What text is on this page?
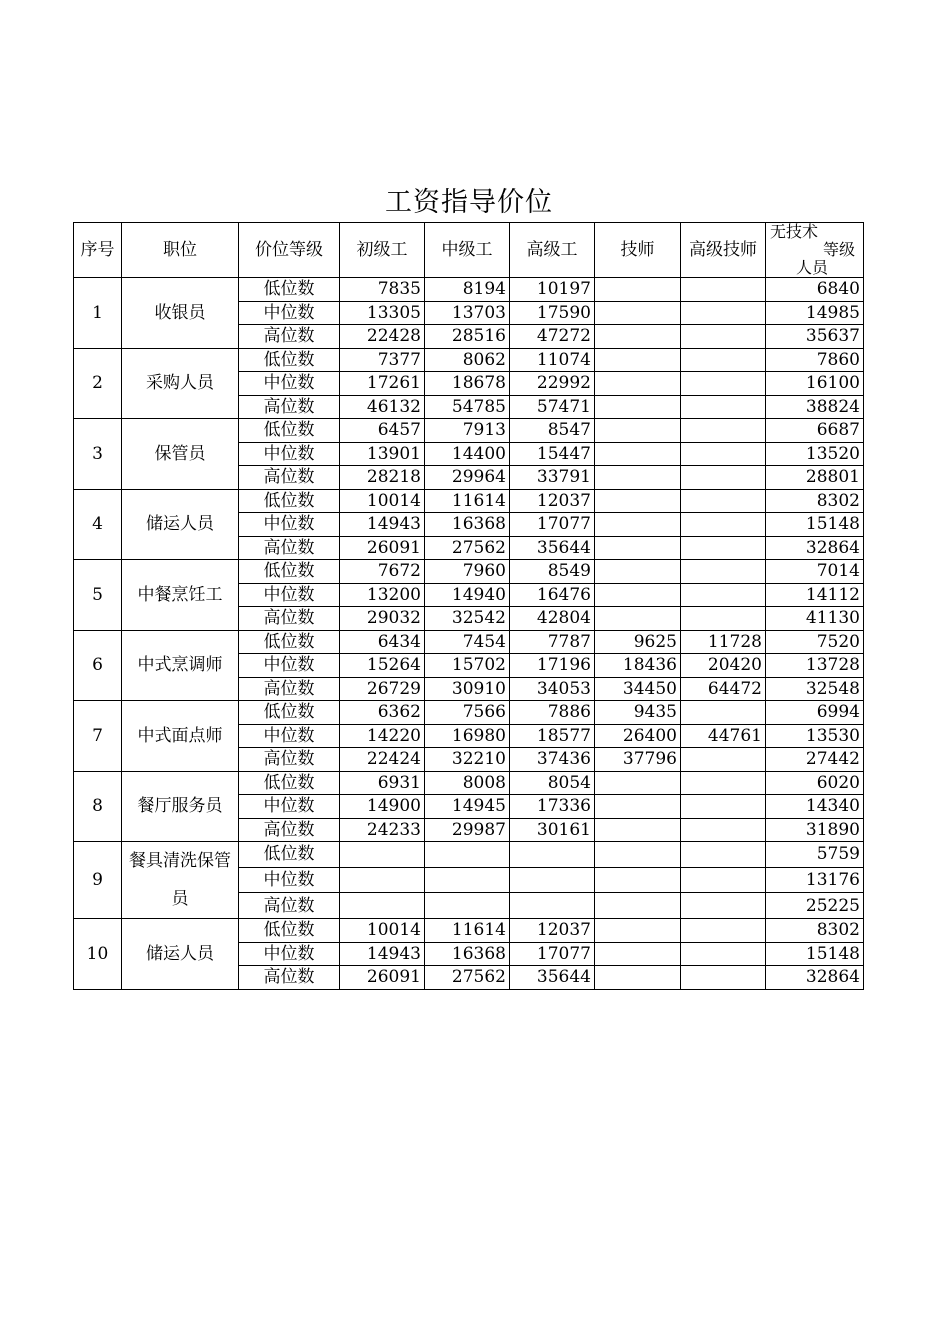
工资指导价位
序号	职位	价位等级	初级工	中级工	高级工	技师	高级技师	无技术
等级
人员

1	收银员	低位数	7835	8194	10197			6840
		中位数	13305	13703	17590			14985
		高位数	22428	28516	47272			35637
2	采购人员	低位数	7377	8062	11074			7860
		中位数	17261	18678	22992			16100
		高位数	46132	54785	57471			38824
3	保管员	低位数	6457	7913	8547			6687
		中位数	13901	14400	15447			13520
		高位数	28218	29964	33791			28801
4	储运人员	低位数	10014	11614	12037			8302
		中位数	14943	16368	17077			15148
		高位数	26091	27562	35644			32864
5	中餐烹饪工	低位数	7672	7960	8549			7014
		中位数	13200	14940	16476			14112
		高位数	29032	32542	42804			41130
6	中式烹调师	低位数	6434	7454	7787	9625	11728	7520
		中位数	15264	15702	17196	18436	20420	13728
		高位数	26729	30910	34053	34450	64472	32548
7	中式面点师	低位数	6362	7566	7886	9435		6994
		中位数	14220	16980	18577	26400	44761	13530
		高位数	22424	32210	37436	37796		27442
8	餐厅服务员	低位数	6931	8008	8054			6020
		中位数	14900	14945	17336			14340
		高位数	24233	29987	30161			31890
9	餐具清洗保管员	低位数						5759
		中位数						13176
		高位数						25225
10	储运人员	低位数	10014	11614	12037			8302
		中位数	14943	16368	17077			15148
		高位数	26091	27562	35644			32864
